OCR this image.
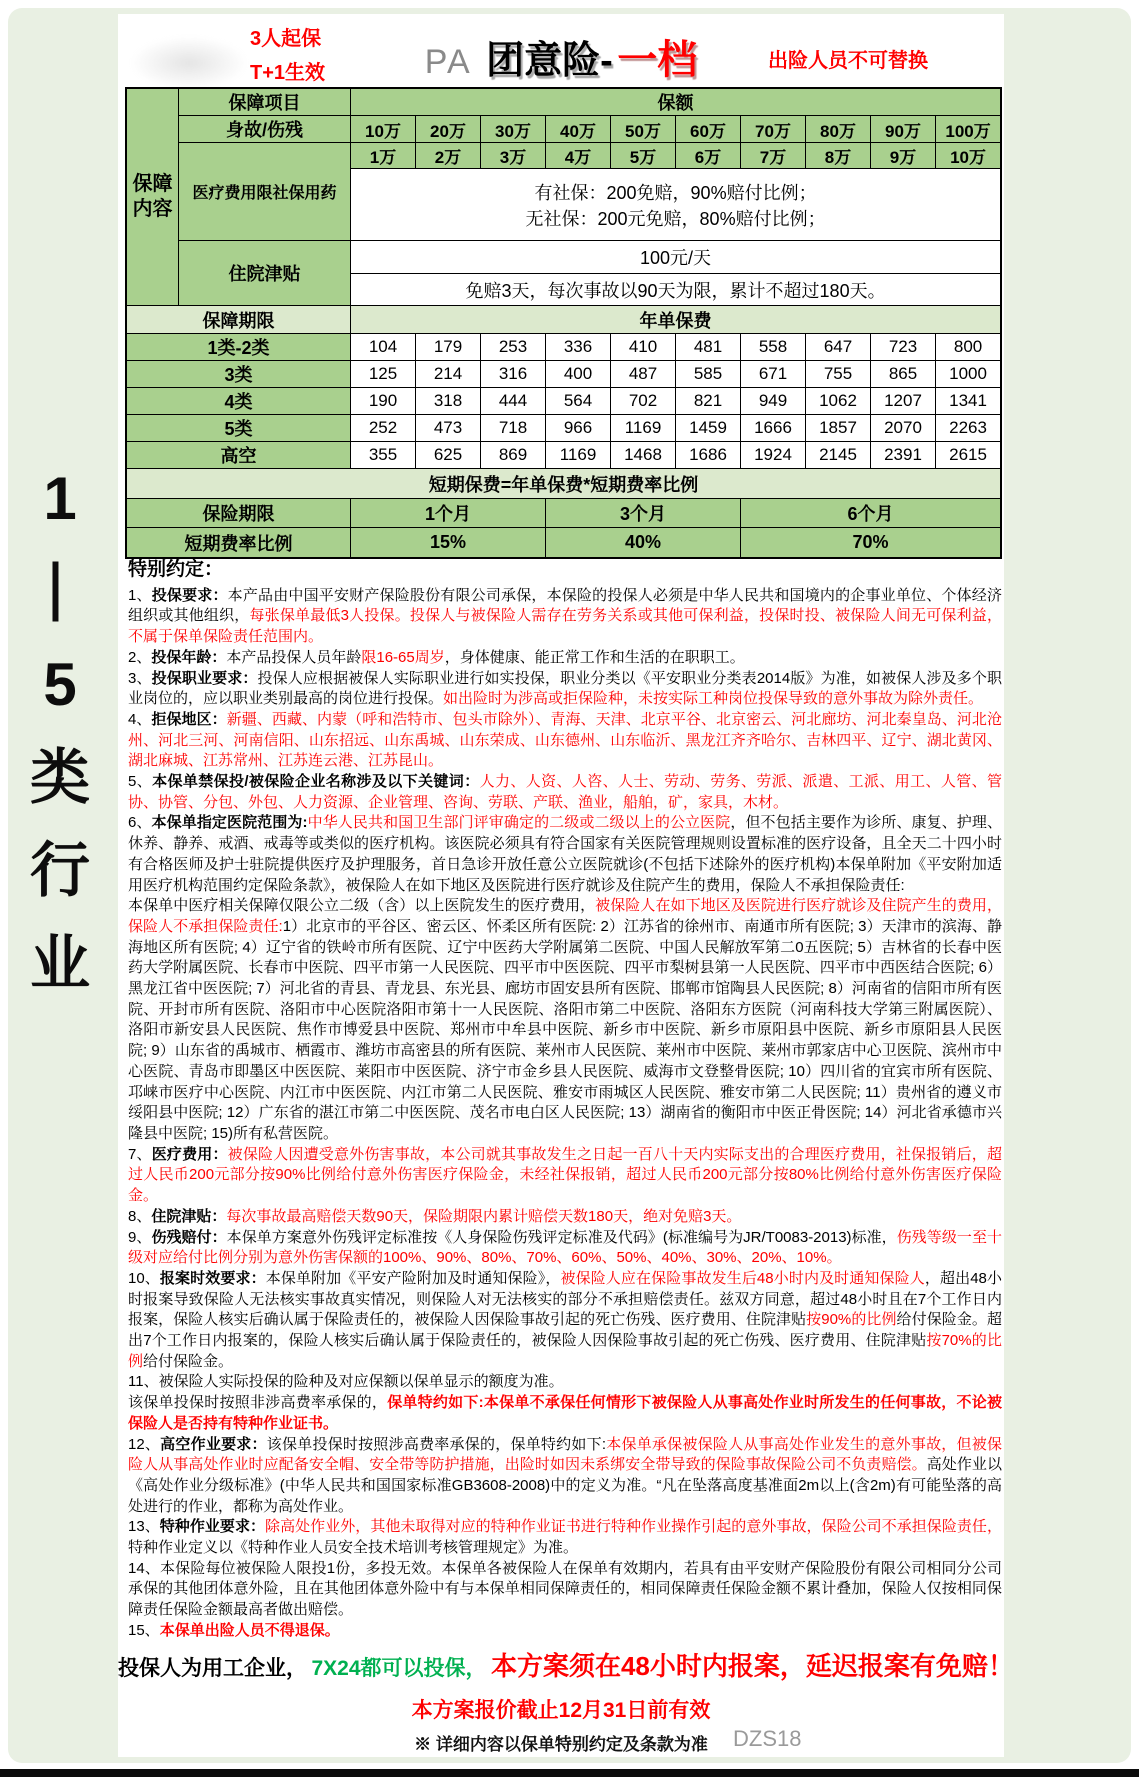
1
—
5
类
行
业
3人起保
T+1生效	PA 团意险- 一档	出险人员不可替换
保障内容	保障项目	保额									
	身故/伤残	10万	20万	30万	40万	50万	60万	70万	80万	90万	100万
	医疗费用限社保用药	1万	2万	3万	4万	5万	6万	7万	8万	9万	10万

		有社保：200免赔，90%赔付比例；
无社保：200元免赔，80%赔付比例；									

	住院津贴	100元/天									
		免赔3天，每次事故以90天为限，累计不超过180天。									
保障期限		年单保费									
1类-2类		104	179	253	336	410	481	558	647	723	800
3类		125	214	316	400	487	585	671	755	865	1000
4类		190	318	444	564	702	821	949	1062	1207	1341
5类		252	473	718	966	1169	1459	1666	1857	2070	2263
高空		355	625	869	1169	1468	1686	1924	2145	2391	2615
短期保费=年单保费*短期费率比例											
保险期限		1个月			3个月			6个月			
短期费率比例		15%			40%			70%			
特别约定：

1、投保要求：本产品由中国平安财产保险股份有限公司承保，本保险的投保人必须是中华人民共和国境内的企事业单位、个体经济组织或其他组织，每张保单最低3人投保。投保人与被保险人需存在劳务关系或其他可保利益，投保时投、被保险人间无可保利益，不属于保单保险责任范围内。

2、投保年龄：本产品投保人员年龄限16-65周岁，身体健康、能正常工作和生活的在职职工。

3、投保职业要求：投保人应根据被保人实际职业进行如实投保，职业分类以《平安职业分类表2014版》为准，如被保人涉及多个职业岗位的，应以职业类别最高的岗位进行投保。如出险时为涉高或拒保险种，未按实际工种岗位投保导致的意外事故为除外责任。

4、拒保地区：新疆、西藏、内蒙（呼和浩特市、包头市除外）、青海、天津、北京平谷、北京密云、河北廊坊、河北秦皇岛、河北沧州、河北三河、河南信阳、山东招远、山东禹城、山东荣成、山东德州、山东临沂、黑龙江齐齐哈尔、吉林四平、辽宁、湖北黄冈、湖北麻城、江苏常州、江苏连云港、江苏昆山。

5、本保单禁保投/被保险企业名称涉及以下关键词：人力、人资、人咨、人士、劳动、劳务、劳派、派遣、工派、用工、人管、管协、协管、分包、外包、人力资源、企业管理、咨询、劳联、产联、渔业，船舶，矿，家具，木材。

6、本保单指定医院范围为:中华人民共和国卫生部门评审确定的二级或二级以上的公立医院，但不包括主要作为诊所、康复、护理、休养、静养、戒酒、戒毒等或类似的医疗机构。该医院必须具有符合国家有关医院管理规则设置标准的医疗设备，且全天二十四小时有合格医师及护士驻院提供医疗及护理服务，首日急诊开放任意公立医院就诊(不包括下述除外的医疗机构)本保单附加《平安附加适用医疗机构范围约定保险条款》，被保险人在如下地区及医院进行医疗就诊及住院产生的费用，保险人不承担保险责任:

本保单中医疗相关保障仅限公立二级（含）以上医院发生的医疗费用，被保险人在如下地区及医院进行医疗就诊及住院产生的费用，保险人不承担保险责任:1）北京市的平谷区、密云区、怀柔区所有医院: 2）江苏省的徐州市、南通市所有医院; 3）天津市的滨海、静海地区所有医院; 4）辽宁省的铁岭市所有医院、辽宁中医药大学附属第二医院、中国人民解放军第二0五医院; 5）吉林省的长春中医药大学附属医院、长春市中医院、四平市第一人民医院、四平市中医医院、四平市梨树县第一人民医院、四平市中西医结合医院; 6）黑龙江省中医医院; 7）河北省的青县、青龙县、东光县、廊坊市固安县所有医院、邯郸市馆陶县人民医院; 8）河南省的信阳市所有医院、开封市所有医院、洛阳市中心医院洛阳市第十一人民医院、洛阳市第二中医院、洛阳东方医院（河南科技大学第三附属医院）、洛阳市新安县人民医院、焦作市博爱县中医院、郑州市中牟县中医院、新乡市中医院、新乡市原阳县中医院、新乡市原阳县人民医院; 9）山东省的禹城市、栖霞市、潍坊市高密县的所有医院、莱州市人民医院、莱州市中医院、莱州市郭家店中心卫医院、滨州市中心医院、青岛市即墨区中医医院、莱阳市中医医院、济宁市金乡县人民医院、威海市文登整骨医院; 10）四川省的宜宾市所有医院、邛崃市医疗中心医院、内江市中医医院、内江市第二人民医院、雅安市雨城区人民医院、雅安市第二人民医院; 11）贵州省的遵义市绥阳县中医院; 12）广东省的湛江市第二中医医院、茂名市电白区人民医院; 13）湖南省的衡阳市中医正骨医院; 14）河北省承德市兴隆县中医院; 15)所有私营医院。

7、医疗费用：被保险人因遭受意外伤害事故，本公司就其事故发生之日起一百八十天内实际支出的合理医疗费用，社保报销后，超过人民币200元部分按90%比例给付意外伤害医疗保险金，未经社保报销，超过人民币200元部分按80%比例给付意外伤害医疗保险金。

8、住院津贴：每次事故最高赔偿天数90天，保险期限内累计赔偿天数180天，绝对免赔3天。

9、伤残赔付：本保单方案意外伤残评定标准按《人身保险伤残评定标准及代码》(标准编号为JR/T0083-2013)标准，伤残等级一至十级对应给付比例分别为意外伤害保额的100%、90%、80%、70%、60%、50%、40%、30%、20%、10%。

10、报案时效要求：本保单附加《平安产险附加及时通知保险》，被保险人应在保险事故发生后48小时内及时通知保险人，超出48小时报案导致保险人无法核实事故真实情况，则保险人对无法核实的部分不承担赔偿责任。兹双方同意，超过48小时且在7个工作日内报案，保险人核实后确认属于保险责任的，被保险人因保险事故引起的死亡伤残、医疗费用、住院津贴按90%的比例给付保险金。超出7个工作日内报案的，保险人核实后确认属于保险责任的，被保险人因保险事故引起的死亡伤残、医疗费用、住院津贴按70%的比例给付保险金。

11、被保险人实际投保的险种及对应保额以保单显示的额度为准。

该保单投保时按照非涉高费率承保的，保单特约如下:本保单不承保任何情形下被保险人从事高处作业时所发生的任何事故，不论被保险人是否持有特种作业证书。

12、高空作业要求：该保单投保时按照涉高费率承保的，保单特约如下:本保单承保被保险人从事高处作业发生的意外事故，但被保险人从事高处作业时应配备安全帽、安全带等防护措施，出险时如因未系绑安全带导致的保险事故保险公司不负责赔偿。高处作业以《高处作业分级标准》(中华人民共和国国家标准GB3608-2008)中的定义为准。“凡在坠落高度基准面2m以上(含2m)有可能坠落的高处进行的作业，都称为高处作业。

13、特种作业要求：除高处作业外，其他未取得对应的特种作业证书进行特种作业操作引起的意外事故，保险公司不承担保险责任，特种作业定义以《特种作业人员安全技术培训考核管理规定》为准。

14、本保险每位被保险人限投1份，多投无效。本保单各被保险人在保单有效期内，若具有由平安财产保险股份有限公司相同分公司承保的其他团体意外险，且在其他团体意外险中有与本保单相同保障责任的，相同保障责任保险金额不累计叠加，保险人仅按相同保障责任保险金额最高者做出赔偿。

15、本保单出险人员不得退保。

投保人为用工企业， 7X24都可以投保， 本方案须在48小时内报案，延迟报案有免赔！
本方案报价截止12月31日前有效
※ 详细内容以保单特别约定及条款为准	DZS18
